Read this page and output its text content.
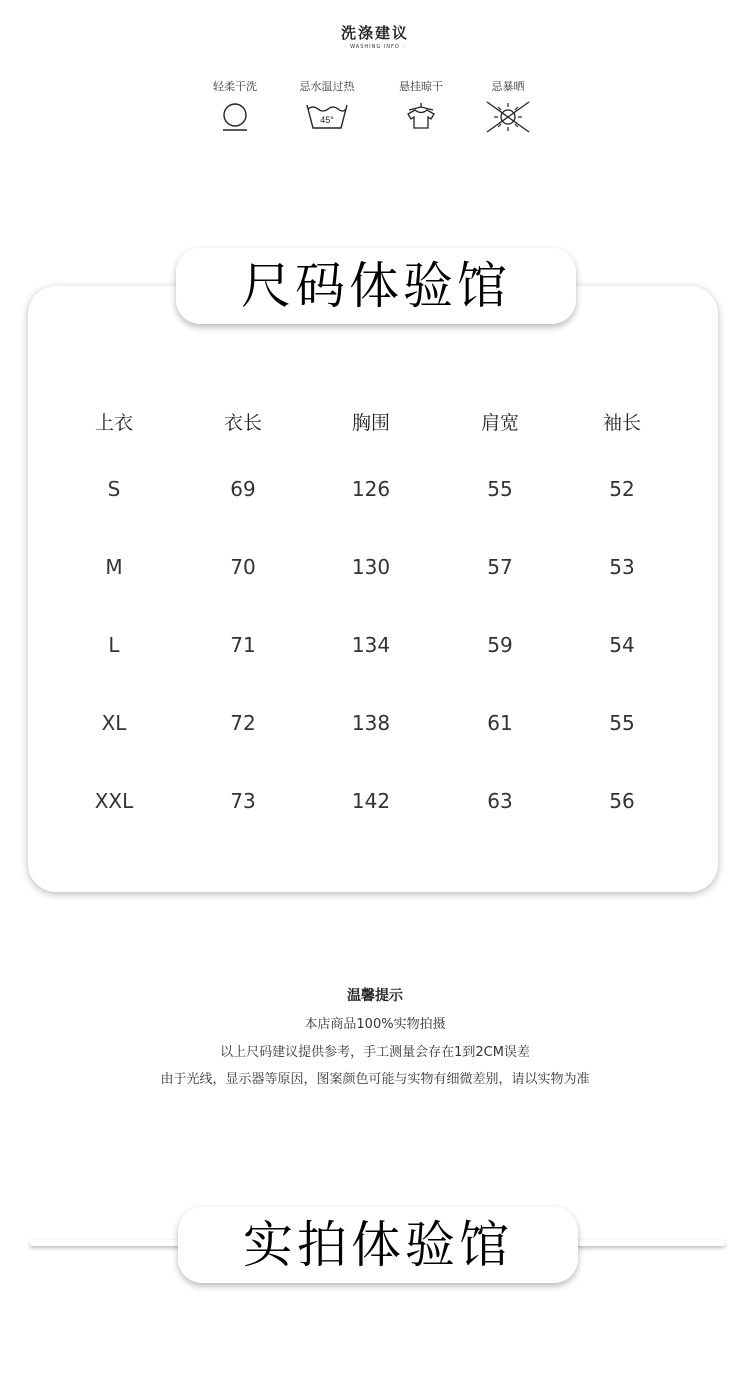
洗涤建议
· WASHING INFO ·
轻柔干洗	忌水温过热
45°
悬挂晾干	忌暴晒
尺码体验馆
上衣	衣长	胸围	肩宽	袖长
S	69	126	55	52
M	70	130	57	53
L	71	134	59	54
XL	72	138	61	55
XXL	73	142	63	56
温馨提示
本店商品100%实物拍摄
以上尺码建议提供参考，手工测量会存在1到2CM误差
由于光线，显示器等原因，图案颜色可能与实物有细微差别，请以实物为准
实拍体验馆
